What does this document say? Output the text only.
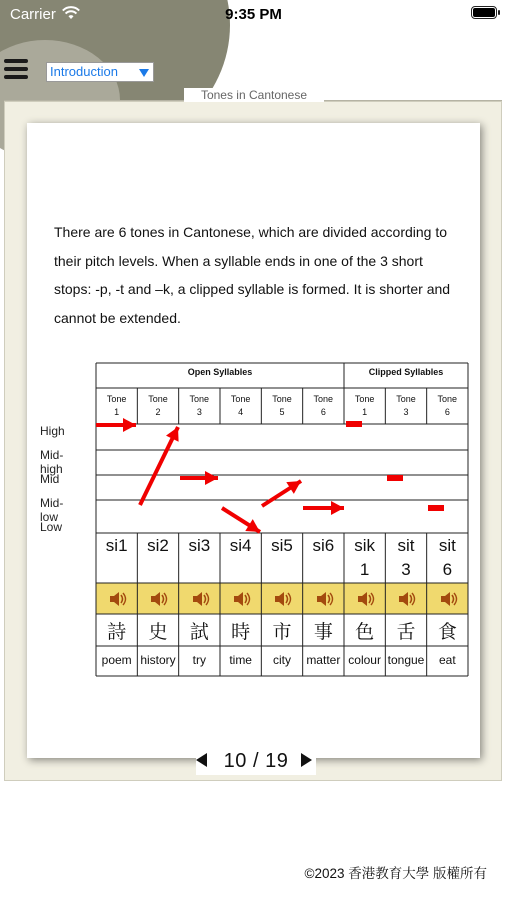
Carrier	9:35 PM
Introduction
Tones in Cantonese
There are 6 tones in Cantonese, which are divided according to their pitch levels. When a syllable ends in one of the 3 short stops: -p, -t and –k, a clipped syllable is formed. It is shorter and cannot be extended.
Open Syllables	Clipped Syllables
High
Mid-high
Mid
Mid-low
Low
Tone
1
si1
詩
poem
Tone
2
si2
史
history
Tone
3
si3
試
try
Tone
4
si4
時
time
Tone
5
si5
市
city
Tone
6
si6
事
matter
Tone
1
sik
1
色
colour
Tone
3
sit
3
舌
tongue
Tone
6
sit
6
食
eat
10 / 19
©2023 香港教育大學 版權所有
